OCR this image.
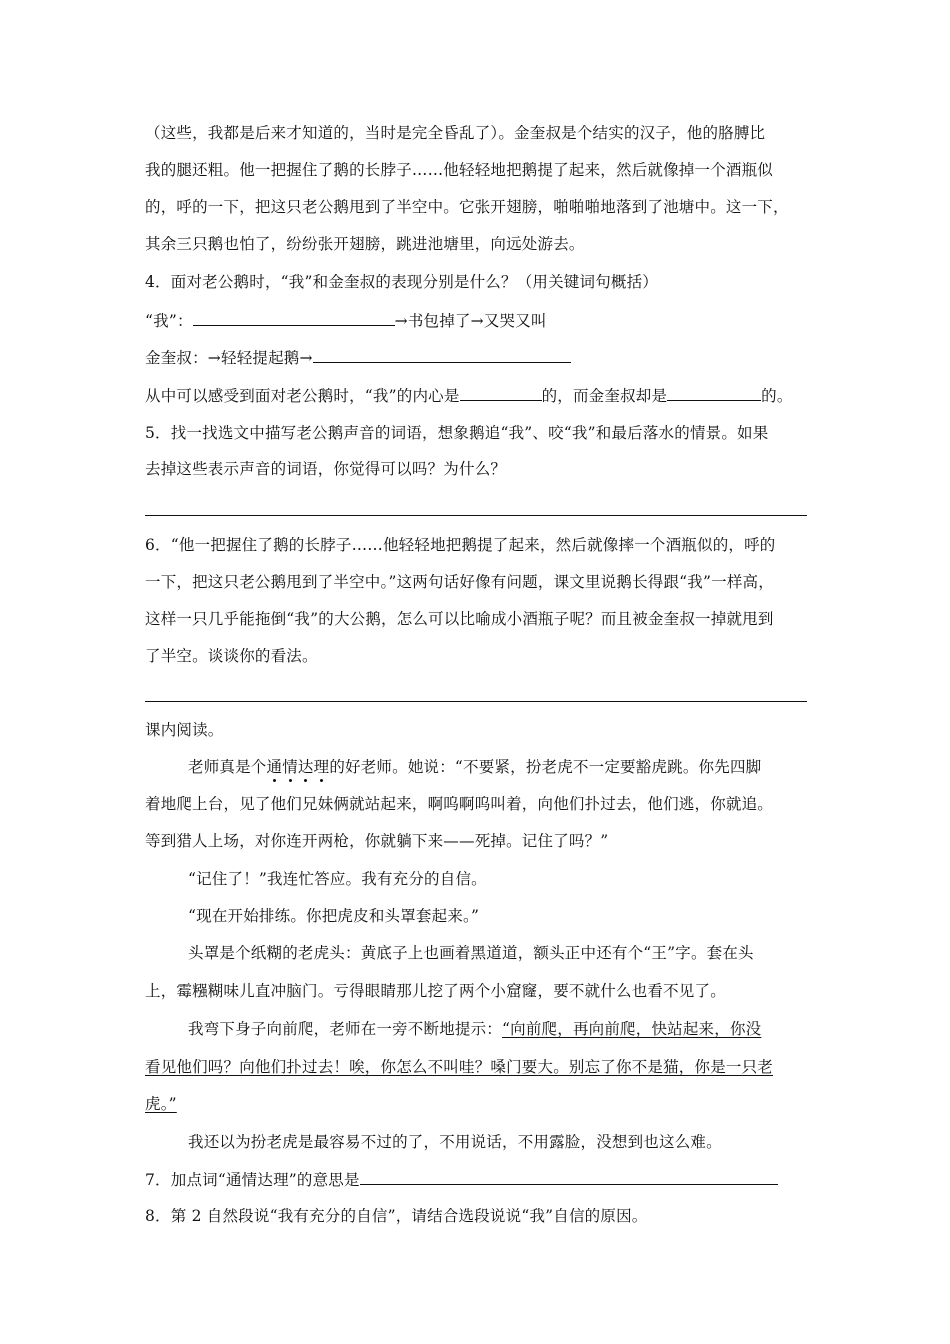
（这些，我都是后来才知道的，当时是完全昏乱了）。金奎叔是个结实的汉子，他的胳膊比
我的腿还粗。他一把握住了鹅的长脖子……他轻轻地把鹅提了起来，然后就像掉一个酒瓶似
的，呼的一下，把这只老公鹅甩到了半空中。它张开翅膀，啪啪啪地落到了池塘中。这一下，
其余三只鹅也怕了，纷纷张开翅膀，跳进池塘里，向远处游去。
4．面对老公鹅时，“我”和金奎叔的表现分别是什么？（用关键词句概括）
“我”：	→书包掉了→又哭又叫
金奎叔：→轻轻提起鹅→
从中可以感受到面对老公鹅时，“我”的内心是	的，而金奎叔却是	的。
5．找一找选文中描写老公鹅声音的词语，想象鹅追“我”、咬“我”和最后落水的情景。如果
去掉这些表示声音的词语，你觉得可以吗？为什么？
6．“他一把握住了鹅的长脖子……他轻轻地把鹅提了起来，然后就像摔一个酒瓶似的，呼的
一下，把这只老公鹅甩到了半空中。”这两句话好像有问题，课文里说鹅长得跟“我”一样高，
这样一只几乎能拖倒“我”的大公鹅，怎么可以比喻成小酒瓶子呢？而且被金奎叔一掉就甩到
了半空。谈谈你的看法。
课内阅读。
老师真是个通情达理的好老师。她说：“不要紧，扮老虎不一定要豁虎跳。你先四脚
着地爬上台，见了他们兄妹俩就站起来，啊呜啊呜叫着，向他们扑过去，他们逃，你就追。
等到猎人上场，对你连开两枪，你就躺下来——死掉。记住了吗？”
“记住了！”我连忙答应。我有充分的自信。
“现在开始排练。你把虎皮和头罩套起来。”
头罩是个纸糊的老虎头：黄底子上也画着黑道道，额头正中还有个“王”字。套在头
上，霉糨糊味儿直冲脑门。亏得眼睛那儿挖了两个小窟窿，要不就什么也看不见了。
我弯下身子向前爬，老师在一旁不断地提示：“向前爬，再向前爬，快站起来，你没
看见他们吗？向他们扑过去！唉，你怎么不叫哇？嗓门要大。别忘了你不是猫，你是一只老
虎。”
我还以为扮老虎是最容易不过的了，不用说话，不用露脸，没想到也这么难。
7．加点词“通情达理”的意思是
8．第 2 自然段说“我有充分的自信”，请结合选段说说“我”自信的原因。
